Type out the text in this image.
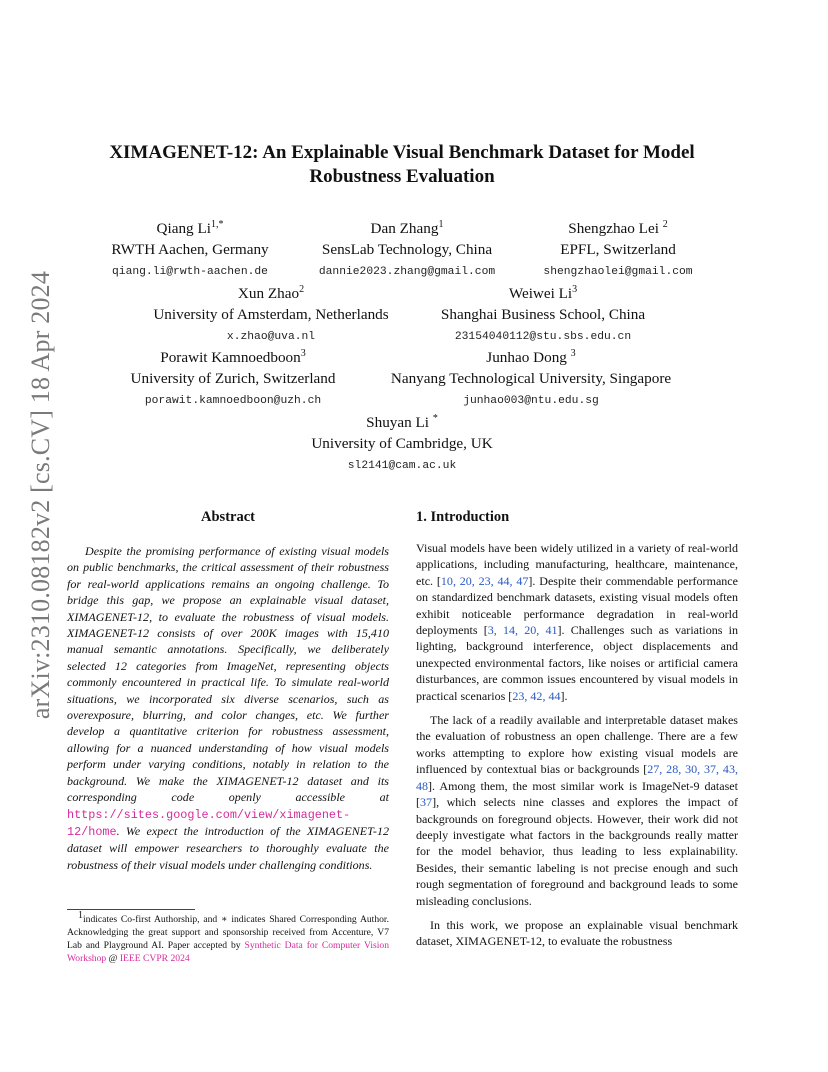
arXiv:2310.08182v2 [cs.CV] 18 Apr 2024
XIMAGENET-12: An Explainable Visual Benchmark Dataset for Model Robustness Evaluation
Qiang $Li^{1,*}$
RWTH Aachen, Germany
qiang.li@rwth-aachen.de
Dan Zhang$^1$
SensLab Technology, China
dannie2023.zhang@gmail.com
Shengzhao Lei $^2$
EPFL, Switzerland
shengzhaolei@gmail.com
Xun Zhao$^2$
University of Amsterdam, Netherlands
x.zhao@uva.nl
Weiwei Li$^3$
Shanghai Business School, China
23154040112@stu.sbs.edu.cn
Porawit Kamnoedboon$^3$
University of Zurich, Switzerland
porawit.kamnoedboon@uzh.ch
Junhao Dong $^3$
Nanyang Technological University, Singapore
junhao003@ntu.edu.sg
Shuyan Li *
University of Cambridge, UK
sl2141@cam.ac.uk
Abstract

Despite the promising performance of existing visual models on public benchmarks, the critical assessment of their robustness for real-world applications remains an ongoing challenge. To bridge this gap, we propose an explainable visual dataset, XIMAGENET-12, to evaluate the robustness of visual models. XIMAGENET-12 consists of over 200K images with 15,410 manual semantic annotations. Specifically, we deliberately selected 12 categories from ImageNet, representing objects commonly encountered in practical life. To simulate real-world situations, we incorporated six diverse scenarios, such as overexposure, blurring, and color changes, etc. We further develop a quantitative criterion for robustness assessment, allowing for a nuanced understanding of how visual models perform under varying conditions, notably in relation to the background. We make the XIMAGENET-12 dataset and its corresponding code openly accessible at https://sites.google.com/view/ximagenet-12/home. We expect the introduction of the XIMAGENET-12 dataset will empower researchers to thoroughly evaluate the robustness of their visual models under challenging conditions.

1. Introduction

Visual models have been widely utilized in a variety of real-world applications, including manufacturing, healthcare, maintenance, etc. [10, 20, 23, 44, 47]. Despite their commendable performance on standardized benchmark datasets, existing visual models often exhibit noticeable performance degradation in real-world deployments [3, 14, 20, 41]. Challenges such as variations in lighting, background interference, object displacements and unexpected environmental factors, like noises or artificial camera disturbances, are common issues encountered by visual models in practical scenarios [23, 42, 44].

The lack of a readily available and interpretable dataset makes the evaluation of robustness an open challenge. There are a few works attempting to explore how existing visual models are influenced by contextual bias or backgrounds [27, 28, 30, 37, 43, 48]. Among them, the most similar work is ImageNet-9 dataset [37], which selects nine classes and explores the impact of backgrounds on foreground objects. However, their work did not deeply investigate what factors in the backgrounds really matter for the model behavior, thus leading to less explainability. Besides, their semantic labeling is not precise enough and such rough segmentation of foreground and background leads to some misleading conclusions.

In this work, we propose an explainable visual benchmark dataset, XIMAGENET-12, to evaluate the robustness

$^1$indicates Co-first Authorship, and ∗ indicates Shared Corresponding Author. Acknowledging the great support and sponsorship received from Accenture, V7 Lab and Playground AI. Paper accepted by Synthetic Data for Computer Vision Workshop @ IEEE CVPR 2024
